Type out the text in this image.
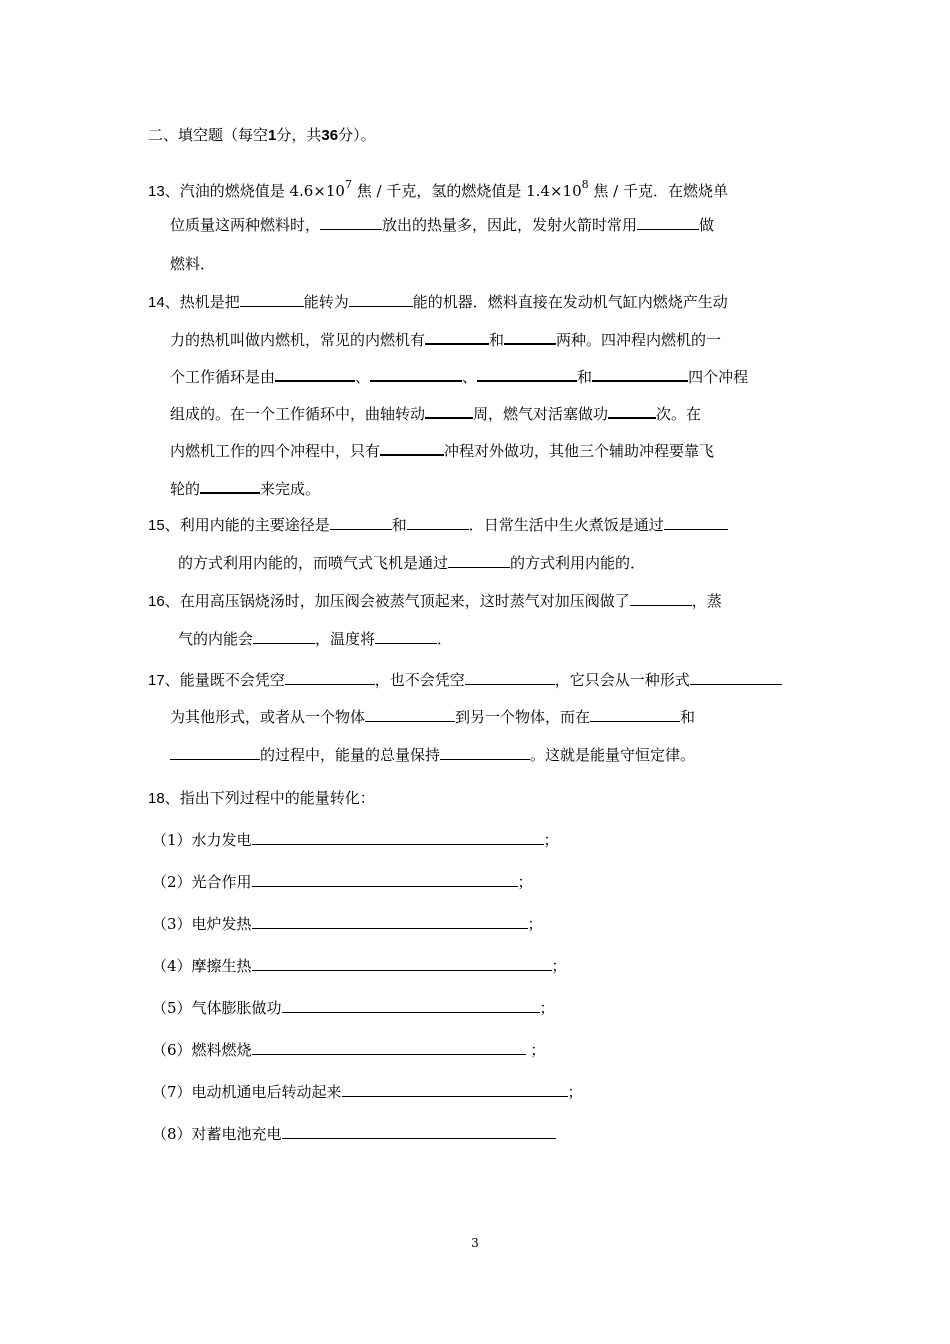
二、填空题（每空1分，共36分）。
13、汽油的燃烧值是 $4.6\times 10^7$ 焦 / 千克，氢的燃烧值是 $1.4\times 10^8$ 焦 / 千克．在燃烧单
位质量这两种燃料时，	放出的热量多，因此，发射火箭时常用	做
燃料．
14、热机是把	能转为	能的机器．燃料直接在发动机气缸内燃烧产生动
力的热机叫做内燃机，常见的内燃机有	和	两种。四冲程内燃机的一
个工作循环是由	、	、	和	四个冲程
组成的。在一个工作循环中，曲轴转动	周，燃气对活塞做功	次。在
内燃机工作的四个冲程中，只有	冲程对外做功，其他三个辅助冲程要靠飞
轮的	来完成。
15、利用内能的主要途径是	和	．日常生活中生火煮饭是通过
的方式利用内能的，而喷气式飞机是通过	的方式利用内能的．
16、在用高压锅烧汤时，加压阀会被蒸气顶起来，这时蒸气对加压阀做了	，蒸
气的内能会	，温度将	．
17、能量既不会凭空	，也不会凭空	，它只会从一种形式
为其他形式，或者从一个物体	到另一个物体，而在	和
的过程中，能量的总量保持	。这就是能量守恒定律。
18、指出下列过程中的能量转化：
（1）水力发电	；
（2）光合作用	；
（3）电炉发热	；
（4）摩擦生热	；
（5）气体膨胀做功	；
（6）燃料燃烧	；
（7）电动机通电后转动起来	；
（8）对蓄电池充电
3
